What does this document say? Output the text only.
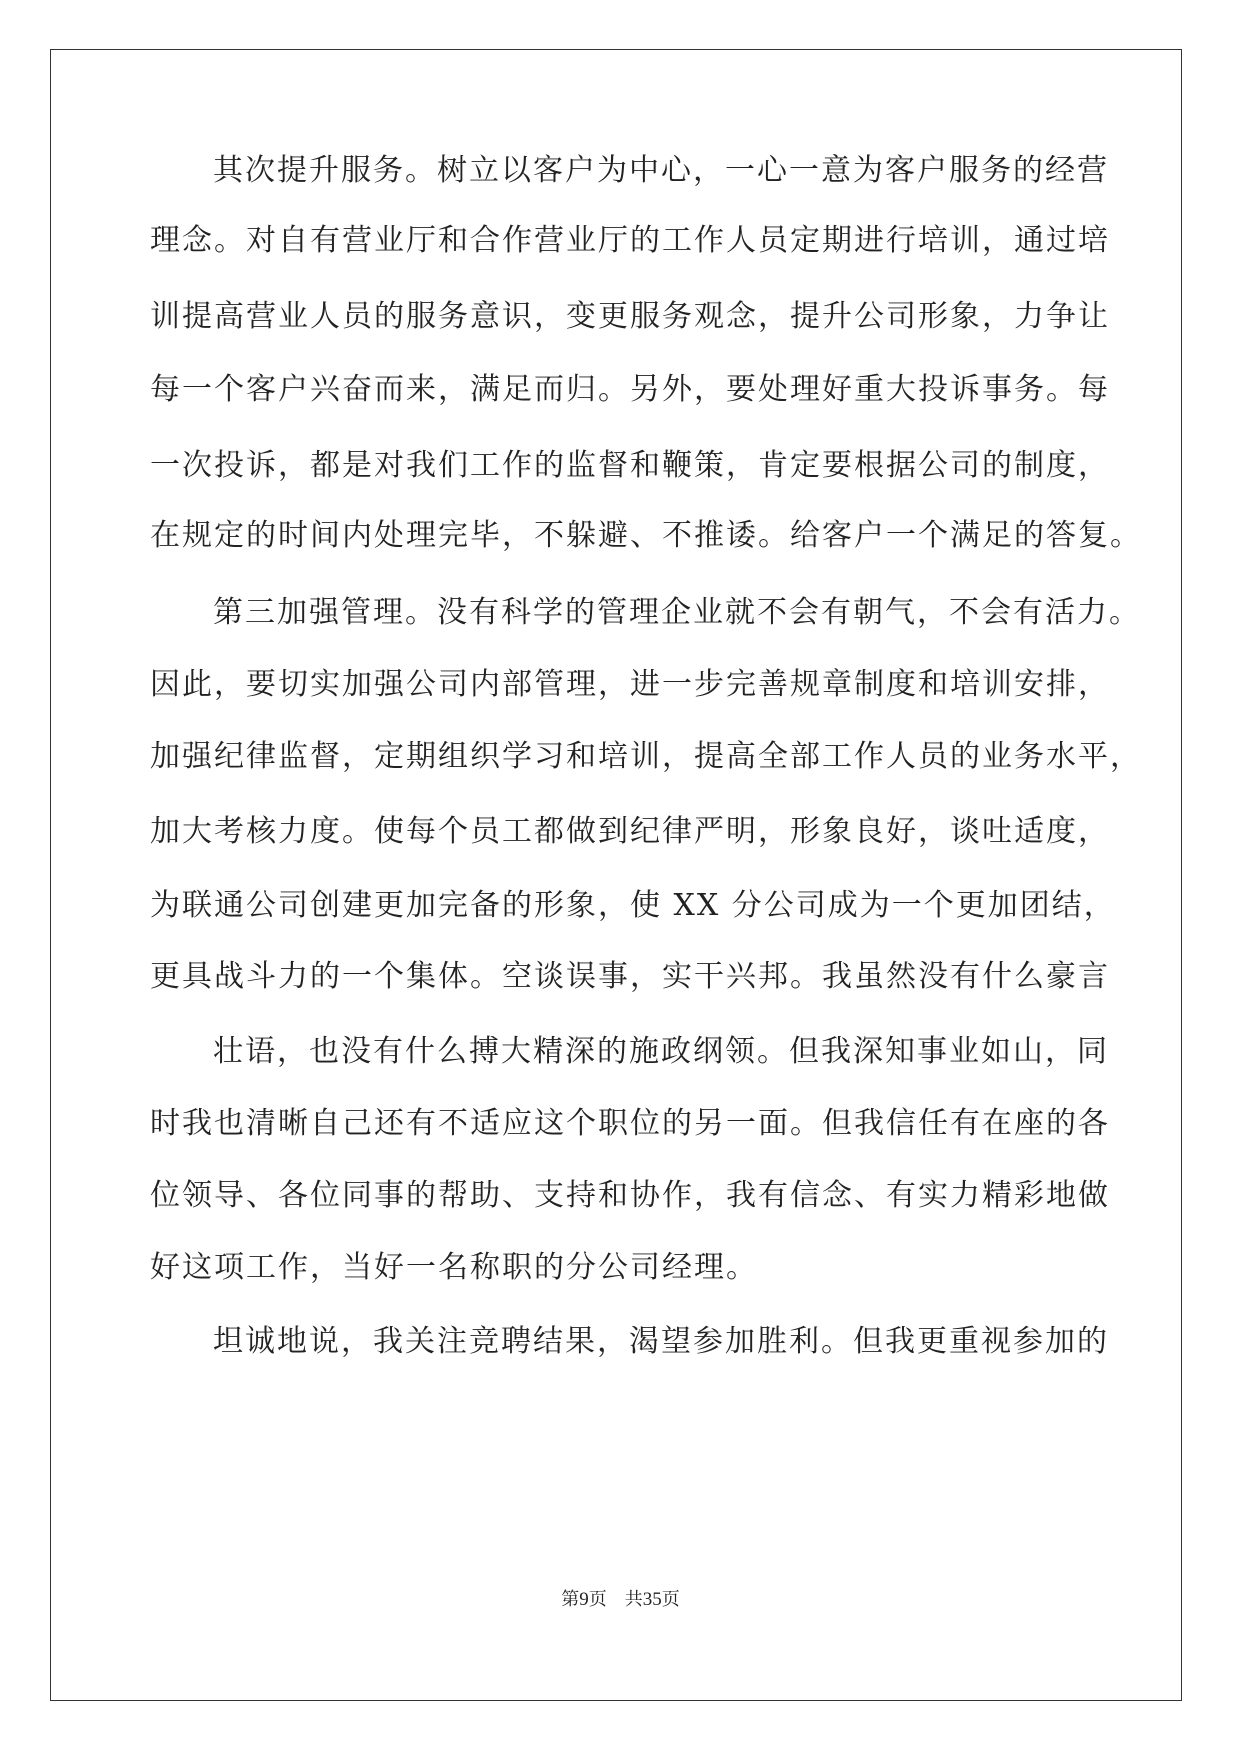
其次提升服务。树立以客户为中心，一心一意为客户服务的经营

理念。对自有营业厅和合作营业厅的工作人员定期进行培训，通过培

训提高营业人员的服务意识，变更服务观念，提升公司形象，力争让

每一个客户兴奋而来，满足而归。另外，要处理好重大投诉事务。每

一次投诉，都是对我们工作的监督和鞭策，肯定要根据公司的制度，

在规定的时间内处理完毕，不躲避、不推诿。给客户一个满足的答复。

第三加强管理。没有科学的管理企业就不会有朝气，不会有活力。

因此，要切实加强公司内部管理，进一步完善规章制度和培训安排，

加强纪律监督，定期组织学习和培训，提高全部工作人员的业务水平，

加大考核力度。使每个员工都做到纪律严明，形象良好，谈吐适度，

为联通公司创建更加完备的形象，使 XX 分公司成为一个更加团结，

更具战斗力的一个集体。空谈误事，实干兴邦。我虽然没有什么豪言

壮语，也没有什么搏大精深的施政纲领。但我深知事业如山，同

时我也清晰自己还有不适应这个职位的另一面。但我信任有在座的各

位领导、各位同事的帮助、支持和协作，我有信念、有实力精彩地做

好这项工作，当好一名称职的分公司经理。

坦诚地说，我关注竞聘结果，渴望参加胜利。但我更重视参加的

第9页　共35页
